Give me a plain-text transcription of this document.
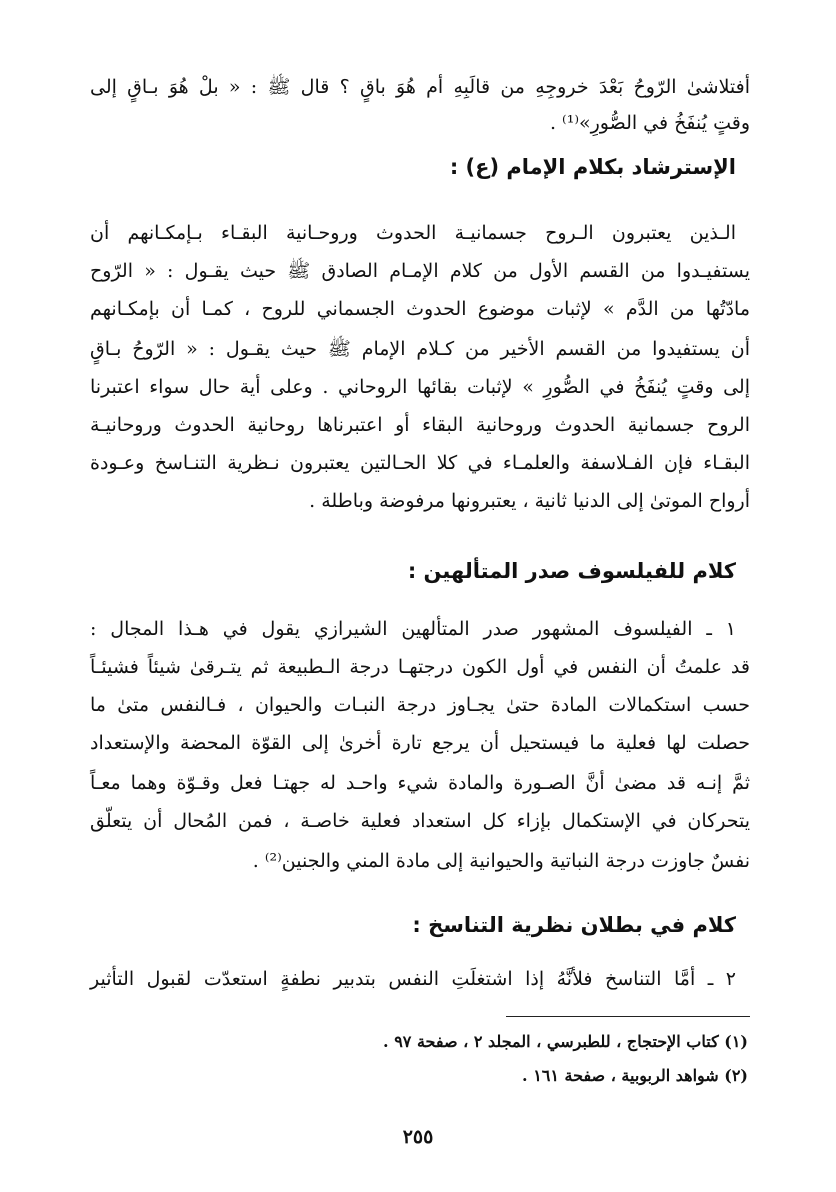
أفتلاشىٰ الرّوحُ بَعْدَ خروجِهِ من قالَبِهِ أم هُوَ باقٍ ؟ قال ﷺ : « بلْ هُوَ بـاقٍ إلى
وقتٍ يُنفَخُ في الصُّورِ»⁽¹⁾ .
الإسترشاد بكلام الإمام (ع) :
الـذين يعتبرون الـروح جسمانيـة الحدوث وروحـانية البقـاء بـإمكـانهم أن
يستفيـدوا من القسم الأول من كلام الإمـام الصادق ﷺ حيث يقـول : « الرّوح
مادّتُها من الدَّم » لإثبات موضوع الحدوث الجسماني للروح ، كمـا أن بإمكـانهم
أن يستفيدوا من القسم الأخير من كـلام الإمام ﷺ حيث يقـول : « الرّوحُ بـاقٍ
إلى وقتٍ يُنفَخُ في الصُّورِ » لإثبات بقائها الروحاني . وعلى أية حال سواء اعتبرنا
الروح جسمانية الحدوث وروحانية البقاء أو اعتبرناها روحانية الحدوث وروحانيـة
البقـاء فإن الفـلاسفة والعلمـاء في كلا الحـالتين يعتبرون نـظرية التنـاسخ وعـودة
أرواح الموتىٰ إلى الدنيا ثانية ، يعتبرونها مرفوضة وباطلة .
كلام للفيلسوف صدر المتألهين :
١ ـ الفيلسوف المشهور صدر المتألهين الشيرازي يقول في هـذا المجال :
قد علمتُ أن النفس في أول الكون درجتهـا درجة الـطبيعة ثم يتـرقىٰ شيئاً فشيئـاً
حسب استكمالات المادة حتىٰ يجـاوز درجة النبـات والحيوان ، فـالنفس متىٰ ما
حصلت لها فعلية ما فيستحيل أن يرجع تارة أخرىٰ إلى القوّة المحضة والإستعداد
ثمَّ إنـه قد مضىٰ أنَّ الصـورة والمادة شيء واحـد له جهتـا فعل وقـوّة وهما معـاً
يتحركان في الإستكمال بإزاء كل استعداد فعلية خاصـة ، فمن المُحال أن يتعلّق
نفسٌ جاوزت درجة النباتية والحيوانية إلى مادة المني والجنين⁽²⁾ .
كلام في بطلان نظرية التناسخ :
٢ ـ أمَّا التناسخ فلأنَّهُ إذا اشتغلَتِ النفس بتدبير نطفةٍ استعدّت لقبول التأثير
(١) كتاب الإحتجاج ، للطبرسي ، المجلد ٢ ، صفحة ٩٧ .
(٢) شواهد الربوبية ، صفحة ١٦١ .
٢٥٥
